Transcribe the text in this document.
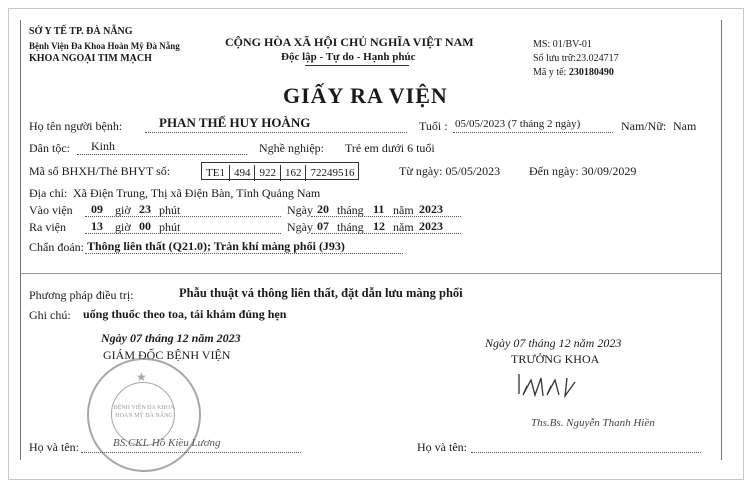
SỞ Y TẾ TP. ĐÀ NẴNG
Bệnh Viện Đa Khoa Hoàn Mỹ Đà Nẵng
KHOA NGOẠI TIM MẠCH
CỘNG HÒA XÃ HỘI CHỦ NGHĨA VIỆT NAM
Độc lập - Tự do - Hạnh phúc
MS: 01/BV-01
Số lưu trữ:23.024717
Mã y tế: 230180490
GIẤY RA VIỆN
Họ tên người bệnh:	PHAN THẾ HUY HOÀNG	Tuổi : 05/05/2023 (7 tháng 2 ngày)	Nam/Nữ: Nam
Dân tộc: Kinh	Nghề nghiệp: Trẻ em dưới 6 tuổi
Mã số BHXH/Thẻ BHYT số:	TE1 494 922 162 72249516	Từ ngày: 05/05/2023 Đến ngày: 30/09/2029
Địa chỉ: Xã Điện Trung, Thị xã Điện Bàn, Tỉnh Quảng Nam
Vào viện 09 giờ 23 phút	Ngày 20 tháng 11 năm 2023
Ra viện 13 giờ 00 phút	Ngày 07 tháng 12 năm 2023
Chẩn đoán: Thông liên thất (Q21.0); Tràn khí màng phổi (J93)
Phương pháp điều trị:	Phẫu thuật vá thông liên thất, đặt dẫn lưu màng phổi
Ghi chú: uống thuốc theo toa, tái khám đúng hẹn
Ngày 07 tháng 12 năm 2023
GIÁM ĐỐC BỆNH VIỆN
★
BỆNH VIỆN ĐA KHOA HOÀN MỸ ĐÀ NẴNG
Họ và tên:	BS.CKI. Hồ Kiều Lương
Ngày 07 tháng 12 năm 2023
TRƯỞNG KHOA
Ths.Bs. Nguyễn Thanh Hiền
Họ và tên:
